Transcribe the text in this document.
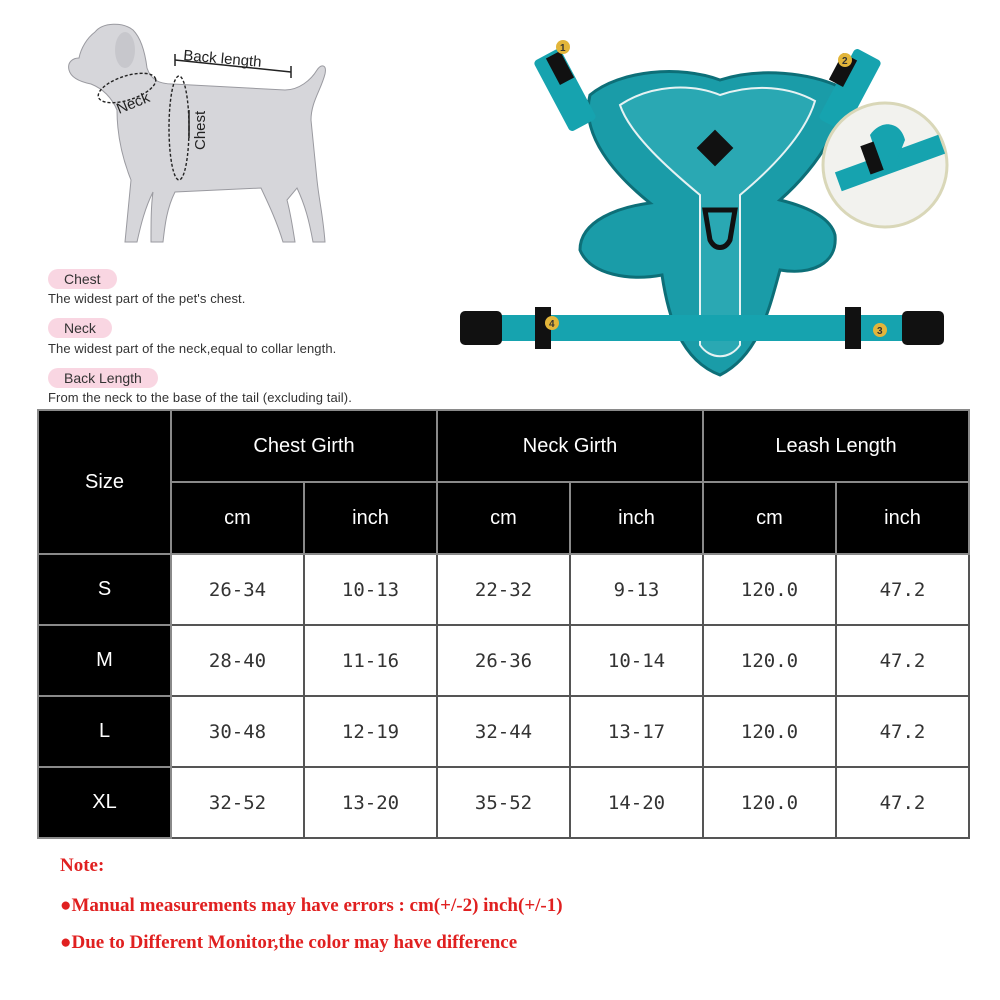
Back length
Neck
Chest
Chest
The widest part of the pet's chest.
Neck
The widest part of the neck,equal to collar length.
Back Length
From the neck to the base of the tail (excluding tail).
1
2
3
4
Size	Chest Girth		Neck Girth		Leash Length	
	cm	inch	cm	inch	cm	inch
S	26-34	10-13	22-32	9-13	120.0	47.2
M	28-40	11-16	26-36	10-14	120.0	47.2
L	30-48	12-19	32-44	13-17	120.0	47.2
XL	32-52	13-20	35-52	14-20	120.0	47.2
Note:
●Manual measurements may have errors : cm(+/-2) inch(+/-1)
●Due to Different Monitor,the color may have difference
